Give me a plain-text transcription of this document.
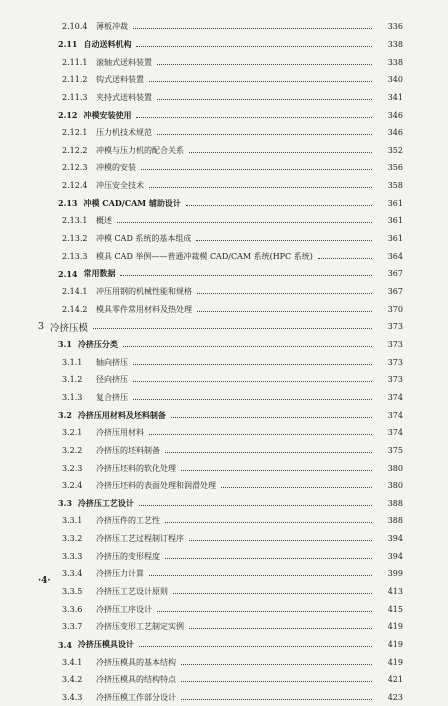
2.10.4	薄板冲裁	336
2.11 自动送料机构	338
2.11.1	滚轴式送料装置	338
2.11.2	钩式送料装置	340
2.11.3	夹持式送料装置	341
2.12 冲模安装使用	346
2.12.1	压力机技术规范	346
2.12.2	冲模与压力机的配合关系	352
2.12.3	冲模的安装	356
2.12.4	冲压安全技术	358
2.13 冲模 CAD/CAM 辅助设计	361
2.13.1	概述	361
2.13.2	冲模 CAD 系统的基本组成	361
2.13.3	模具 CAD 举例——普通冲裁模 CAD/CAM 系统(HPC 系统)	364
2.14 常用数据	367
2.14.1	冲压用钢的机械性能和规格	367
2.14.2	模具零件常用材料及热处理	370
3 冷挤压模	373
3.1 冷挤压分类	373
3.1.1	轴向挤压	373
3.1.2	径向挤压	373
3.1.3	复合挤压	374
3.2 冷挤压用材料及坯料制备	374
3.2.1	冷挤压用材料	374
3.2.2	冷挤压的坯料制备	375
3.2.3	冷挤压坯料的软化处理	380
3.2.4	冷挤压坯料的表面处理和润滑处理	380
3.3 冷挤压工艺设计	388
3.3.1	冷挤压件的工艺性	388
3.3.2	冷挤压工艺过程制订程序	394
3.3.3	冷挤压的变形程度	394
3.3.4	冷挤压力计算	399
3.3.5	冷挤压工艺设计原则	413
3.3.6	冷挤压工序设计	415
3.3.7	冷挤压变形工艺制定实例	419
3.4 冷挤压模具设计	419
3.4.1	冷挤压模具的基本结构	419
3.4.2	冷挤压模具的结构特点	421
3.4.3	冷挤压模工作部分设计	423
·4·
